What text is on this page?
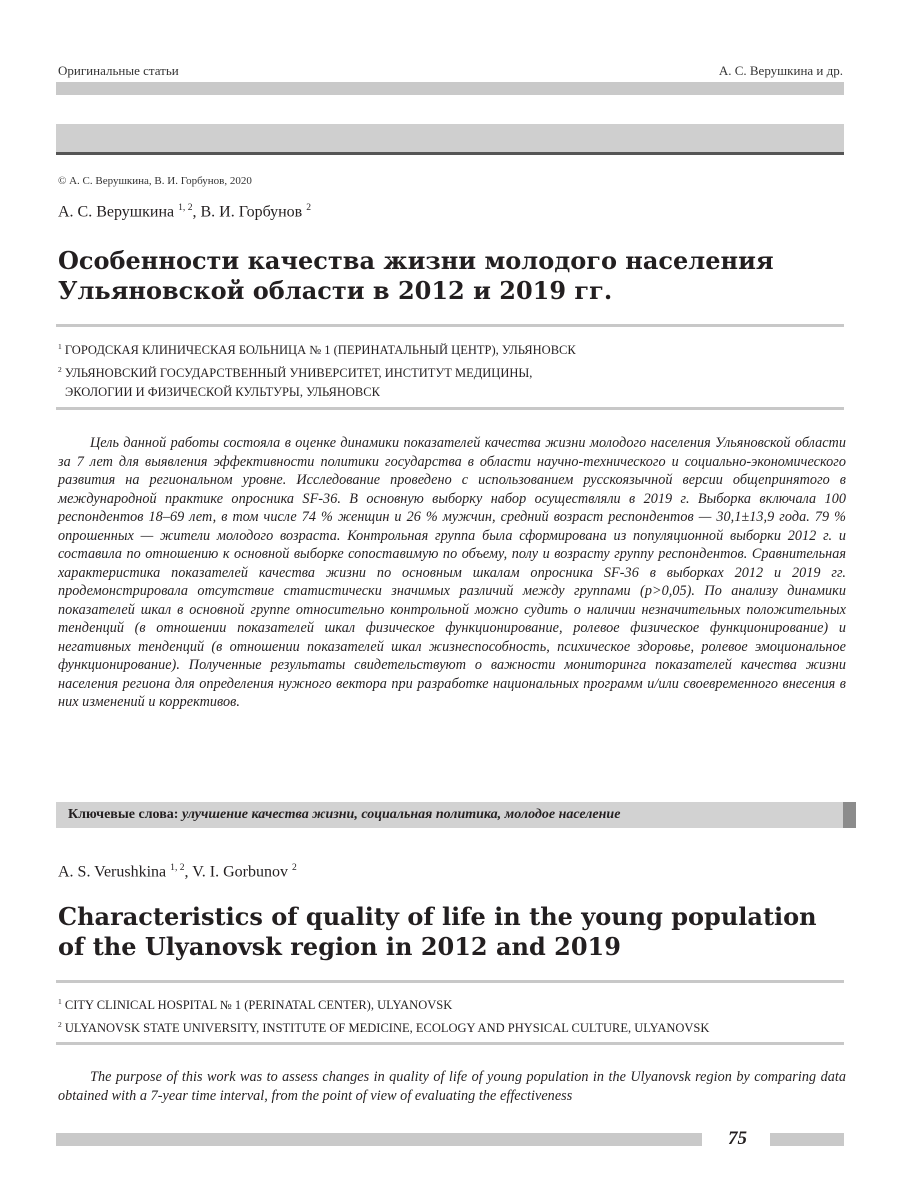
Оригинальные статьи	А. С. Верушкина и др.
© А. С. Верушкина, В. И. Горбунов, 2020
А. С. Верушкина $^{1, 2}$, В. И. Горбунов $^2$
Особенности качества жизни молодого населения
Ульяновской области в 2012 и 2019 гг.
$^1$ ГОРОДСКАЯ КЛИНИЧЕСКАЯ БОЛЬНИЦА № 1 (ПЕРИНАТАЛЬНЫЙ ЦЕНТР), УЛЬЯНОВСК
$^2$ УЛЬЯНОВСКИЙ ГОСУДАРСТВЕННЫЙ УНИВЕРСИТЕТ, ИНСТИТУТ МЕДИЦИНЫ,
ЭКОЛОГИИ И ФИЗИЧЕСКОЙ КУЛЬТУРЫ, УЛЬЯНОВСК

Цель данной работы состояла в оценке динамики показателей качества жизни молодого населения Ульяновской области за 7 лет для выявления эффективности политики государства в области научно-технического и социально-экономического развития на региональном уровне. Исследование проведено с использованием русскоязычной версии общепринятого в международной практике опросника SF-36. В основную выборку набор осуществляли в 2019 г. Выборка включала 100 респондентов 18–69 лет, в том числе 74 % женщин и 26 % мужчин, средний возраст респондентов — 30,1±13,9 года. 79 % опрошенных — жители молодого возраста. Контрольная группа была сформирована из популяционной выборки 2012 г. и составила по отношению к основной выборке сопоставимую по объему, полу и возрасту группу респондентов. Сравнительная характеристика показателей качества жизни по основным шкалам опросника SF-36 в выборках 2012 и 2019 гг. продемонстрировала отсутствие статистически значимых различий между группами (p>0,05). По анализу динамики показателей шкал в основной группе относительно контрольной можно судить о наличии незначительных положительных тенденций (в отношении показателей шкал физическое функционирование, ролевое физическое функционирование) и негативных тенденций (в отношении показателей шкал жизнеспособность, психическое здоровье, ролевое эмоциональное функционирование). Полученные результаты свидетельствуют о важности мониторинга показателей качества жизни населения региона для определения нужного вектора при разработке национальных программ и/или своевременного внесения в них изменений и коррективов.

Ключевые слова: улучшение качества жизни, социальная политика, молодое население
A. S. Verushkina $^{1, 2}$, V. I. Gorbunov $^2$
Characteristics of quality of life in the young population
of the Ulyanovsk region in 2012 and 2019
$^1$ CITY CLINICAL HOSPITAL № 1 (PERINATAL CENTER), ULYANOVSK
$^2$ ULYANOVSK STATE UNIVERSITY, INSTITUTE OF MEDICINE, ECOLOGY AND PHYSICAL CULTURE, ULYANOVSK

The purpose of this work was to assess changes in quality of life of young population in the Ulyanovsk region by comparing data obtained with a 7-year time interval, from the point of view of evaluating the effectiveness

75
